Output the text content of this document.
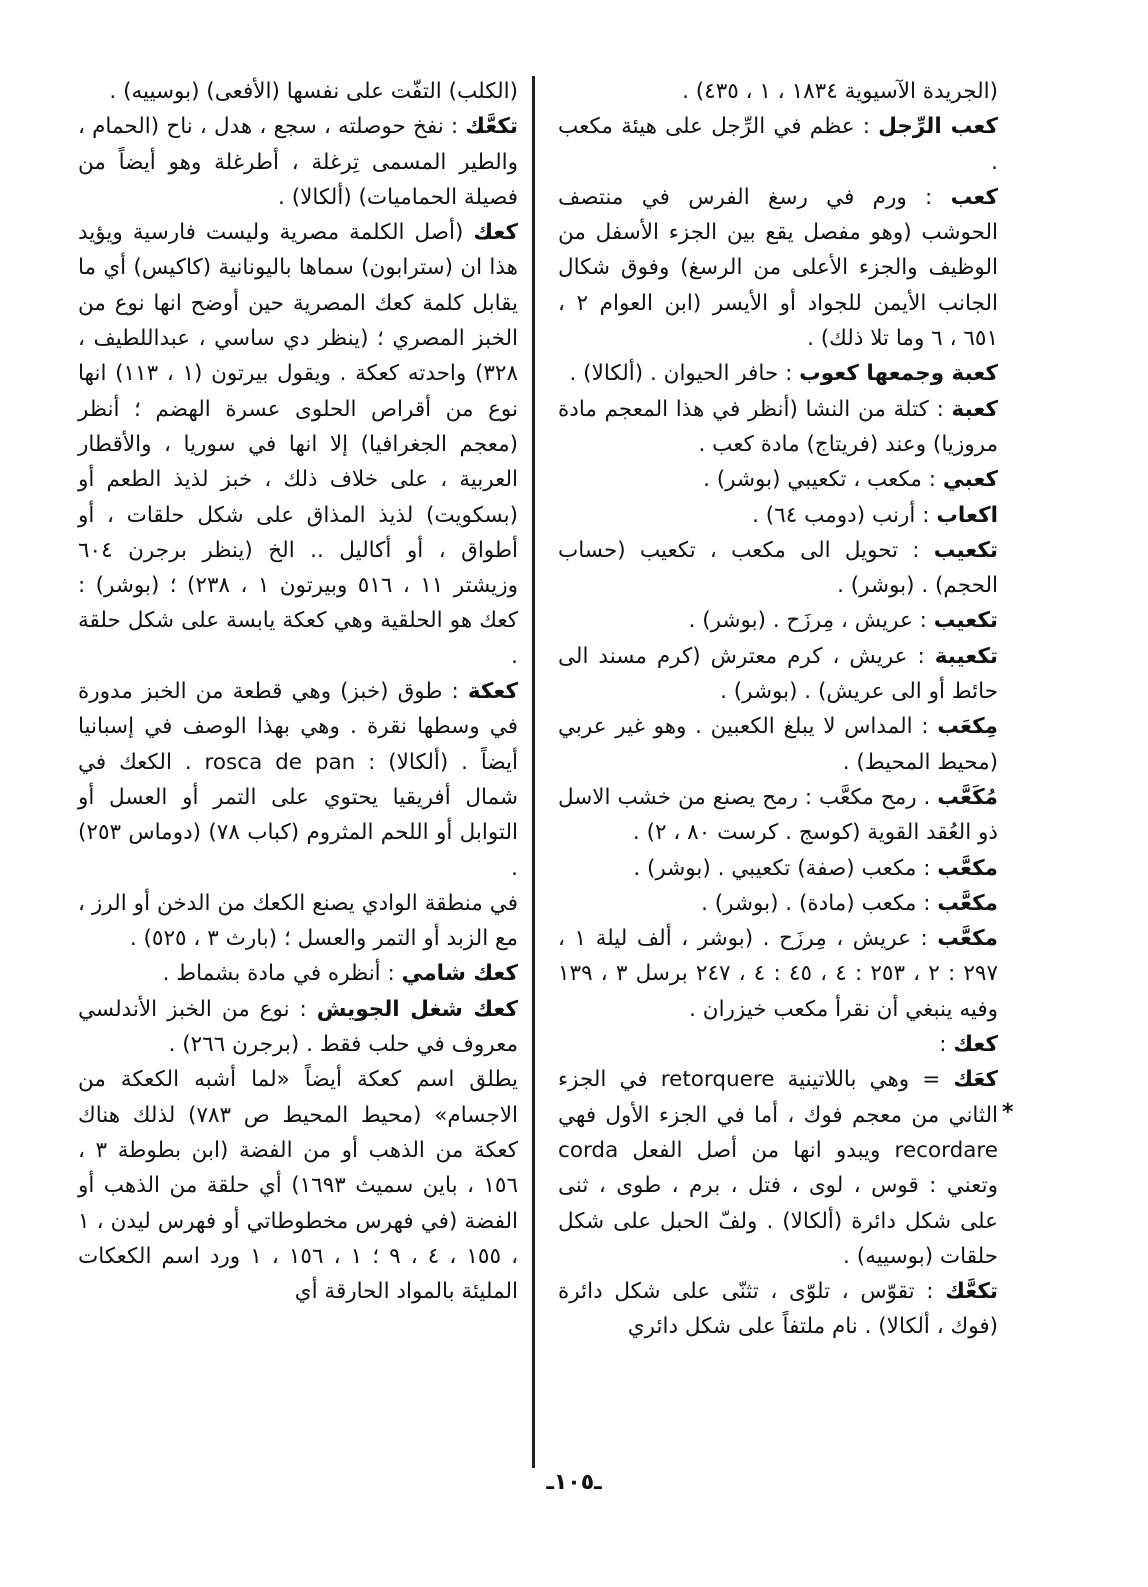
(الجريدة الآسيوية ١٨٣٤ ، ١ ، ٤٣٥) .

كعب الرِّجل : عظم في الرِّجل على هيئة مكعب .

كعب : ورم في رسغ الفرس في منتصف الحوشب (وهو مفصل يقع بين الجزء الأسفل من الوظيف والجزء الأعلى من الرسغ) وفوق شكال الجانب الأيمن للجواد أو الأيسر (ابن العوام ٢ ، ٦٥١ ، ٦ وما تلا ذلك) .

كعبة وجمعها كعوب : حافر الحيوان . (ألكالا) .

كعبة : كتلة من النشا (أنظر في هذا المعجم مادة مروزيا) وعند (فريتاج) مادة كعب .

كعبي : مكعب ، تكعيبي (بوشر) .

اكعاب : أرنب (دومب ٦٤) .

تكعيب : تحويل الى مكعب ، تكعيب (حساب الحجم) . (بوشر) .

تكعيب : عريش ، مِرزَح . (بوشر) .

تكعيبة : عريش ، كرم معترش (كرم مسند الى حائط أو الى عريش) . (بوشر) .

مِكعَب : المداس لا يبلغ الكعبين . وهو غير عربي (محيط المحيط) .

مُكَعَّب . رمح مكعَّب : رمح يصنع من خشب الاسل ذو العُقد القوية (كوسج . كرست ٨٠ ، ٢) .

مكعَّب : مكعب (صفة) تكعيبي . (بوشر) .

مكعَّب : مكعب (مادة) . (بوشر) .

مكعَّب : عريش ، مِرزَح . (بوشر ، ألف ليلة ١ ، ٢٩٧ : ٢ ، ٢٥٣ : ٤ ، ٤٥ : ٤ ، ٢٤٧ برسل ٣ ، ١٣٩ وفيه ينبغي أن نقرأ مكعب خيزران .

كعك :

كعَك = وهي باللاتينية retorquere في الجزء الثاني من معجم فوك ، أما في الجزء الأول فهي recordare ويبدو انها من أصل الفعل corda وتعني : قوس ، لوى ، فتل ، برم ، طوى ، ثنى على شكل دائرة (ألكالا) . ولفّ الحبل على شكل حلقات (بوسييه) .

تكعَّك : تقوّس ، تلوّى ، تثنّى على شكل دائرة (فوك ، ألكالا) . نام ملتفاً على شكل دائري

(الكلب) التفّت على نفسها (الأفعى) (بوسييه) .

تكعَّك : نفخ حوصلته ، سجع ، هدل ، ناح (الحمام ، والطير المسمى تِرغلة ، أطرغلة وهو أيضاً من فصيلة الحماميات) (ألكالا) .

كعك (أصل الكلمة مصرية وليست فارسية ويؤيد هذا ان (سترابون) سماها باليونانية (كاكيس) أي ما يقابل كلمة كعك المصرية حين أوضح انها نوع من الخبز المصري ؛ (ينظر دي ساسي ، عبداللطيف ، ٣٢٨) واحدته كعكة . ويقول بيرتون (١ ، ١١٣) انها نوع من أقراص الحلوى عسرة الهضم ؛ أنظر (معجم الجغرافيا) إلا انها في سوريا ، والأقطار العربية ، على خلاف ذلك ، خبز لذيذ الطعم أو (بسكويت) لذيذ المذاق على شكل حلقات ، أو أطواق ، أو أكاليل .. الخ (ينظر برجرن ٦٠٤ وزيشتر ١١ ، ٥١٦ وبيرتون ١ ، ٢٣٨) ؛ (بوشر) : كعك هو الحلقية وهي كعكة يابسة على شكل حلقة .

كعكة : طوق (خبز) وهي قطعة من الخبز مدورة في وسطها نقرة . وهي بهذا الوصف في إسبانيا أيضاً . (ألكالا) : rosca de pan . الكعك في شمال أفريقيا يحتوي على التمر أو العسل أو التوابل أو اللحم المثروم (كباب ٧٨) (دوماس ٢٥٣) .

في منطقة الوادي يصنع الكعك من الدخن أو الرز ، مع الزبد أو التمر والعسل ؛ (بارث ٣ ، ٥٢٥) .

كعك شامي : أنظره في مادة بشماط .

كعك شغل الجويش : نوع من الخبز الأندلسي معروف في حلب فقط . (برجرن ٢٦٦) .

يطلق اسم كعكة أيضاً «لما أشبه الكعكة من الاجسام» (محيط المحيط ص ٧٨٣) لذلك هناك كعكة من الذهب أو من الفضة (ابن بطوطة ٣ ، ١٥٦ ، باين سميث ١٦٩٣) أي حلقة من الذهب أو الفضة (في فهرس مخطوطاتي أو فهرس ليدن ، ١ ، ١٥٥ ، ٤ ، ٩ ؛ ١ ، ١٥٦ ، ١ ورد اسم الكعكات المليئة بالمواد الحارقة أي

*
ـ١٠٥ـ
